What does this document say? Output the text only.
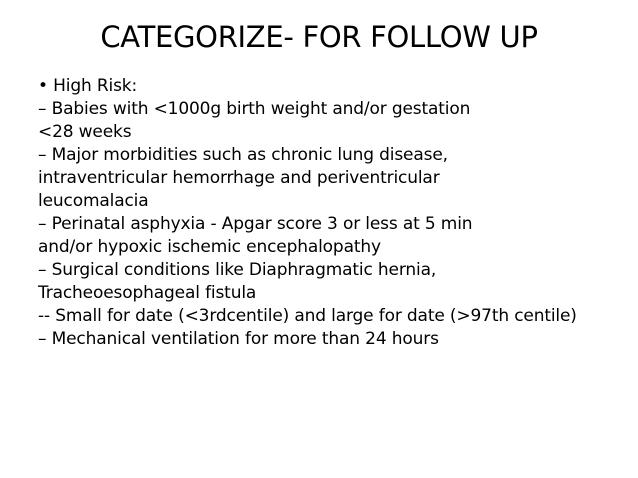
CATEGORIZE- FOR FOLLOW UP
• High Risk:
– Babies with <1000g birth weight and/or gestation
<28 weeks
– Major morbidities such as chronic lung disease,
intraventricular hemorrhage and periventricular
leucomalacia
– Perinatal asphyxia - Apgar score 3 or less at 5 min
and/or hypoxic ischemic encephalopathy
– Surgical conditions like Diaphragmatic hernia,
Tracheoesophageal fistula
-- Small for date (<3rdcentile) and large for date (>97th centile)
– Mechanical ventilation for more than 24 hours
